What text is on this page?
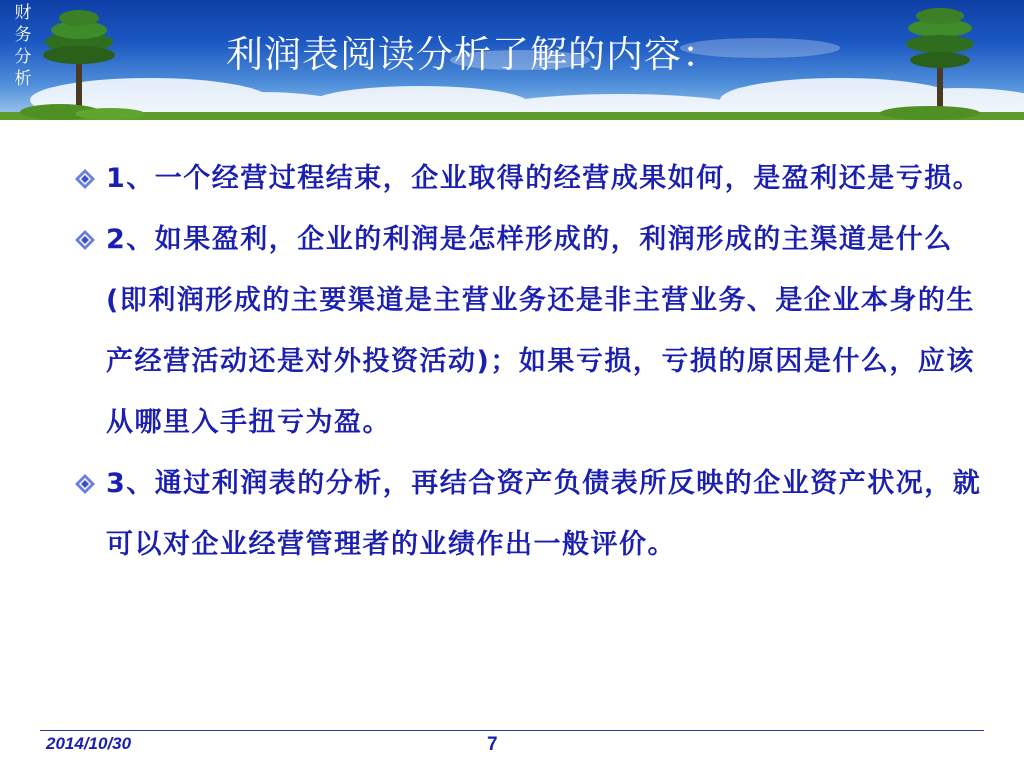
财
务
分
析
利润表阅读分析了解的内容：
1、一个经营过程结束，企业取得的经营成果如何，是盈利还是亏损。
2、如果盈利，企业的利润是怎样形成的，利润形成的主渠道是什么(即利润形成的主要渠道是主营业务还是非主营业务、是企业本身的生产经营活动还是对外投资活动)；如果亏损，亏损的原因是什么，应该从哪里入手扭亏为盈。
3、通过利润表的分析，再结合资产负债表所反映的企业资产状况，就可以对企业经营管理者的业绩作出一般评价。
2014/10/30	7
